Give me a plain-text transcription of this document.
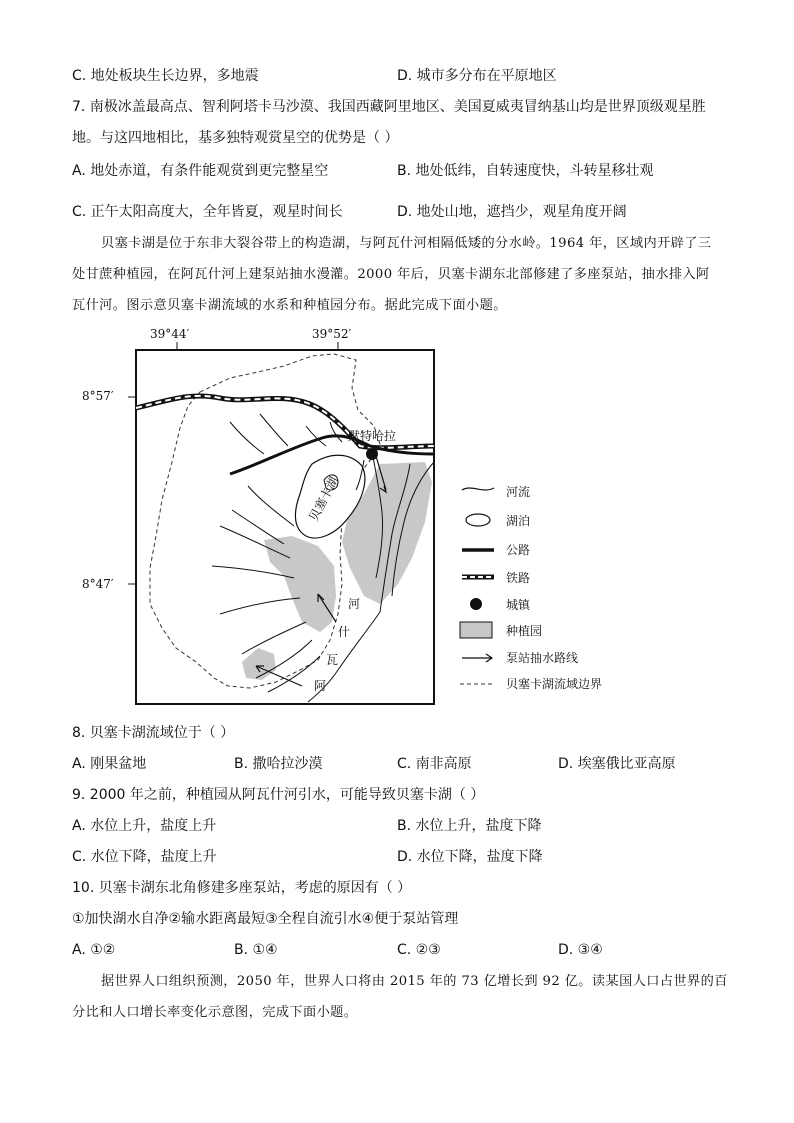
C. 地处板块生长边界，多地震	D. 城市多分布在平原地区
7. 南极冰盖最高点、智利阿塔卡马沙漠、我国西藏阿里地区、美国夏威夷冒纳基山均是世界顶级观星胜
地。与这四地相比，基多独特观赏星空的优势是（ ）
A. 地处赤道，有条件能观赏到更完整星空	B. 地处低纬，自转速度快，斗转星移壮观
C. 正午太阳高度大，全年皆夏，观星时间长	D. 地处山地，遮挡少，观星角度开阔
贝塞卡湖是位于东非大裂谷带上的构造湖，与阿瓦什河相隔低矮的分水岭。1964 年，区域内开辟了三
处甘蔗种植园，在阿瓦什河上建泵站抽水漫灌。2000 年后，贝塞卡湖东北部修建了多座泵站，抽水排入阿
瓦什河。图示意贝塞卡湖流域的水系和种植园分布。据此完成下面小题。
39°44′	39°52′
8°57′
8°47′
默特哈拉
贝塞卡湖
河
什
瓦
阿
河流
湖泊
公路
铁路
城镇
种植园
泵站抽水路线
贝塞卡湖流域边界
8. 贝塞卡湖流域位于（ ）
A. 刚果盆地	B. 撒哈拉沙漠	C. 南非高原	D. 埃塞俄比亚高原
9. 2000 年之前，种植园从阿瓦什河引水，可能导致贝塞卡湖（ ）
A. 水位上升，盐度上升	B. 水位上升，盐度下降
C. 水位下降，盐度上升	D. 水位下降，盐度下降
10. 贝塞卡湖东北角修建多座泵站，考虑的原因有（ ）
①加快湖水自净②输水距离最短③全程自流引水④便于泵站管理
A. ①②	B. ①④	C. ②③	D. ③④
据世界人口组织预测，2050 年，世界人口将由 2015 年的 73 亿增长到 92 亿。读某国人口占世界的百
分比和人口增长率变化示意图，完成下面小题。
